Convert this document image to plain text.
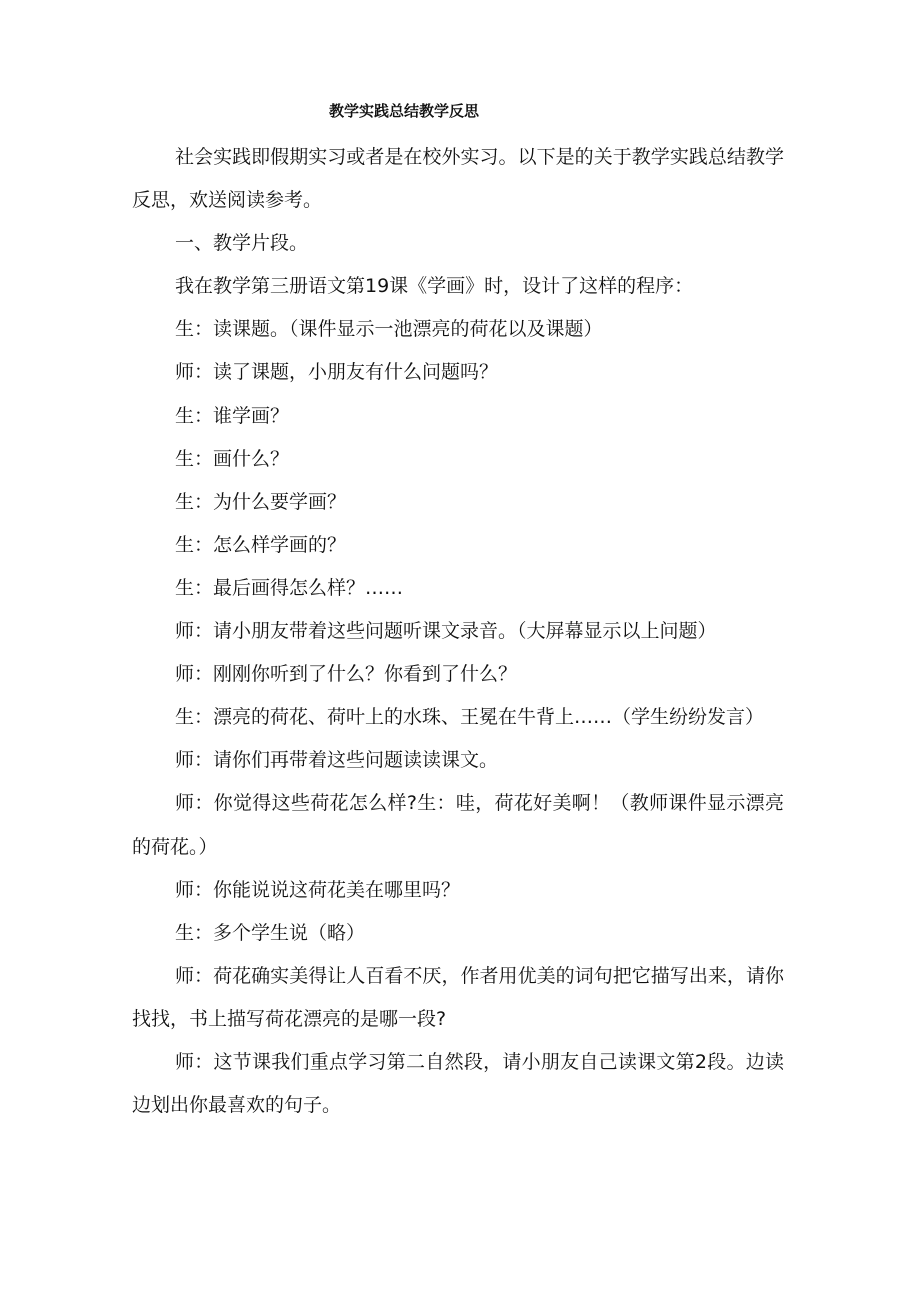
教学实践总结教学反思

社会实践即假期实习或者是在校外实习。以下是的关于教学实践总结教学反思，欢送阅读参考。

一、教学片段。

我在教学第三册语文第19课《学画》时，设计了这样的程序：

生：读课题。（课件显示一池漂亮的荷花以及课题）

师：读了课题，小朋友有什么问题吗？

生：谁学画？

生：画什么？

生：为什么要学画？

生：怎么样学画的？

生：最后画得怎么样？……

师：请小朋友带着这些问题听课文录音。（大屏幕显示以上问题）

师：刚刚你听到了什么？你看到了什么？

生：漂亮的荷花、荷叶上的水珠、王冕在牛背上……（学生纷纷发言）

师：请你们再带着这些问题读读课文。

师：你觉得这些荷花怎么样?生：哇，荷花好美啊！（教师课件显示漂亮的荷花。）

师：你能说说这荷花美在哪里吗？

生：多个学生说（略）

师：荷花确实美得让人百看不厌，作者用优美的词句把它描写出来，请你找找，书上描写荷花漂亮的是哪一段?

师：这节课我们重点学习第二自然段，请小朋友自己读课文第2段。边读边划出你最喜欢的句子。
